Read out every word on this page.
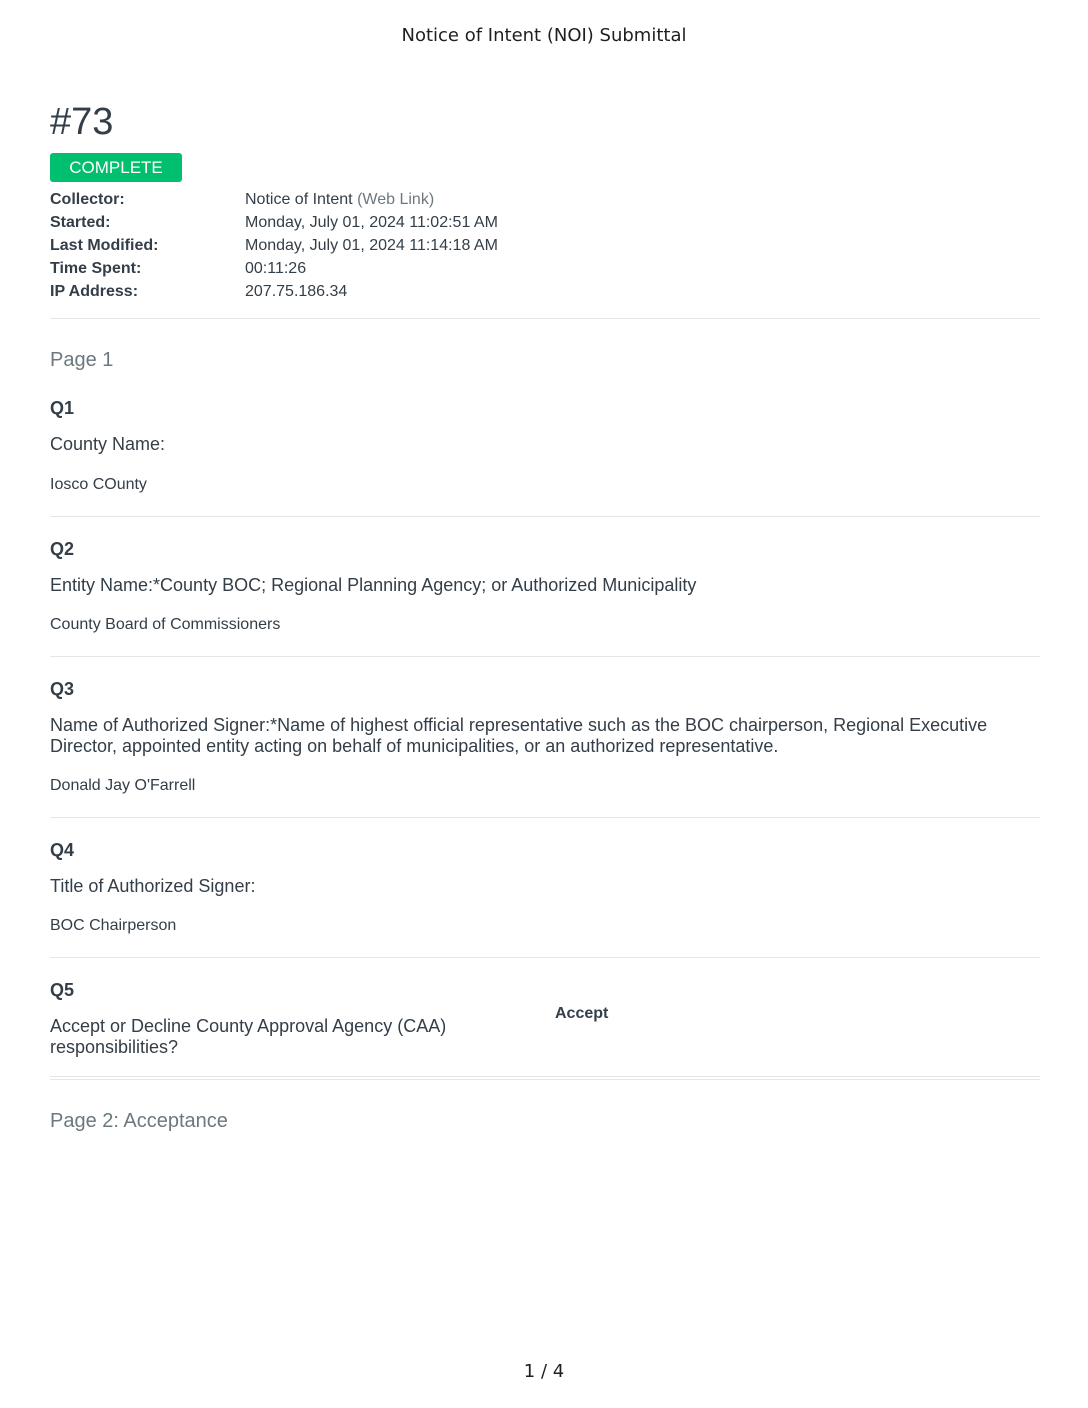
Notice of Intent (NOI) Submittal
#73
COMPLETE
Collector:	Notice of Intent (Web Link)
Started:	Monday, July 01, 2024 11:02:51 AM
Last Modified:	Monday, July 01, 2024 11:14:18 AM
Time Spent:	00:11:26
IP Address:	207.75.186.34
Page 1
Q1
County Name:
Iosco COunty
Q2
Entity Name:*County BOC; Regional Planning Agency; or Authorized Municipality
County Board of Commissioners
Q3
Name of Authorized Signer:*Name of highest official representative such as the BOC chairperson, Regional Executive Director, appointed entity acting on behalf of municipalities, or an authorized representative.
Donald Jay O'Farrell
Q4
Title of Authorized Signer:
BOC Chairperson
Q5
Accept or Decline County Approval Agency (CAA) responsibilities?
Accept
Page 2: Acceptance
1 / 4
